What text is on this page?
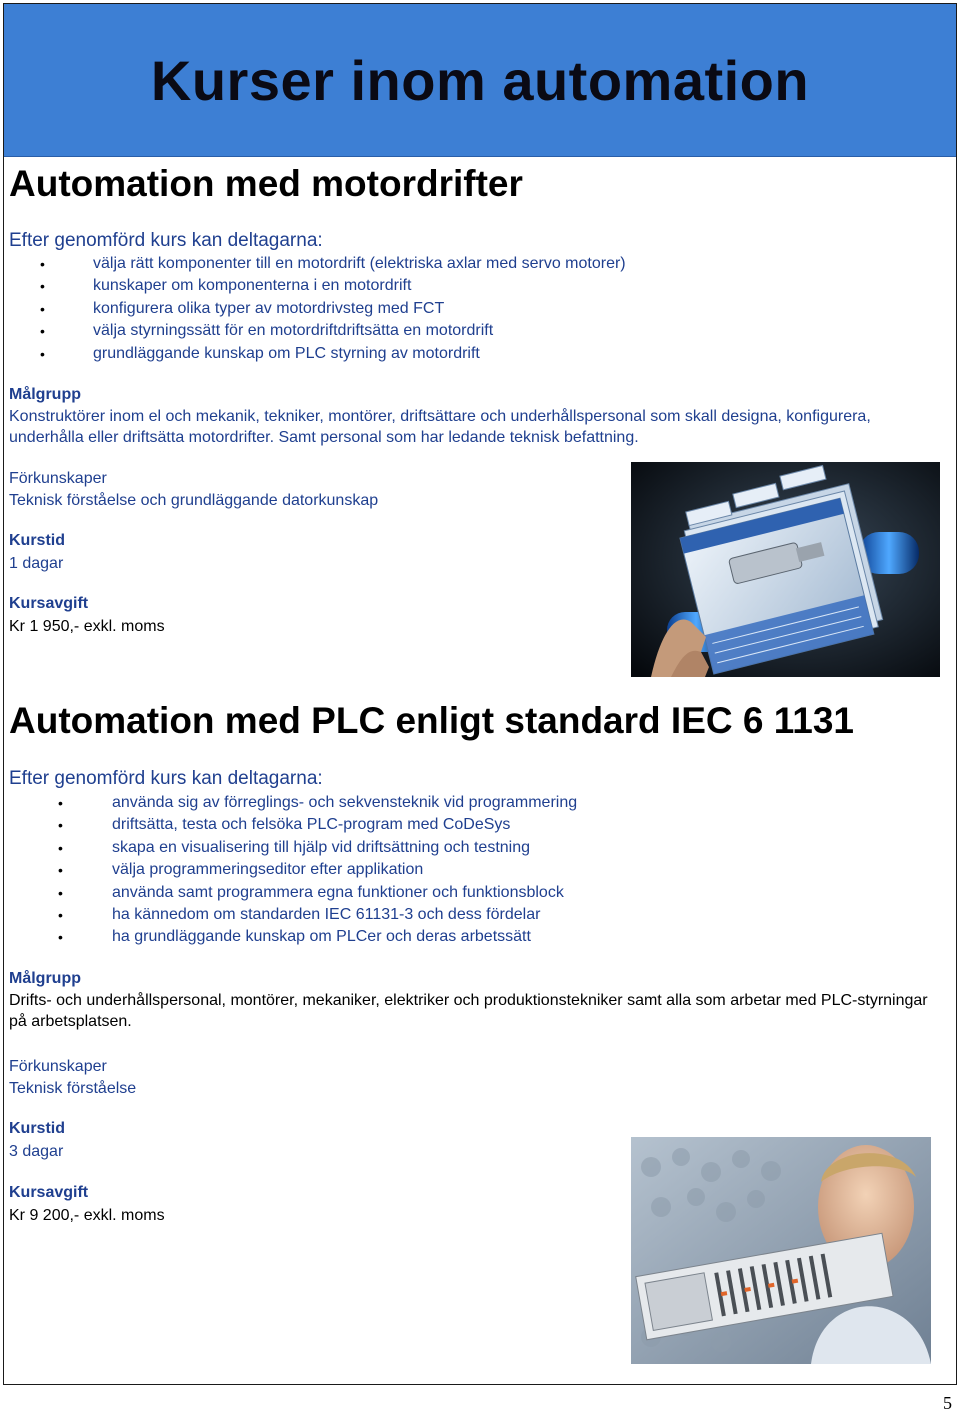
Kurser inom automation
Automation med motordrifter

Efter genomförd kurs kan deltagarna:

•	välja rätt komponenter till en motordrift (elektriska axlar med servo motorer)
•	kunskaper om komponenterna i en motordrift
•	konfigurera olika typer av motordrivsteg med FCT
•	välja styrningssätt för en motordriftdriftsätta en motordrift
•	grundläggande kunskap om PLC styrning av motordrift

Målgrupp

Konstruktörer inom el och mekanik, tekniker, montörer, driftsättare och underhållspersonal som skall designa, konfigurera, underhålla eller driftsätta motordrifter. Samt personal som har ledande teknisk befattning.

Förkunskaper

Teknisk förståelse och grundläggande datorkunskap

Kurstid

1 dagar

Kursavgift

Kr 1 950,- exkl. moms

Automation med PLC enligt standard IEC 6 1131

Efter genomförd kurs kan deltagarna:

•	använda sig av förreglings- och sekvensteknik vid programmering
•	driftsätta, testa och felsöka PLC-program med CoDeSys
•	skapa en visualisering till hjälp vid driftsättning och testning
•	välja programmeringseditor efter applikation
•	använda samt programmera egna funktioner och funktionsblock
•	ha kännedom om standarden IEC 61131-3 och dess fördelar
•	ha grundläggande kunskap om PLCer och deras arbetssätt

Målgrupp

Drifts- och underhållspersonal, montörer, mekaniker, elektriker och produktionstekniker samt alla som arbetar med PLC-styrningar på arbetsplatsen.

Förkunskaper

Teknisk förståelse

Kurstid

3 dagar

Kursavgift

Kr 9 200,- exkl. moms

5
